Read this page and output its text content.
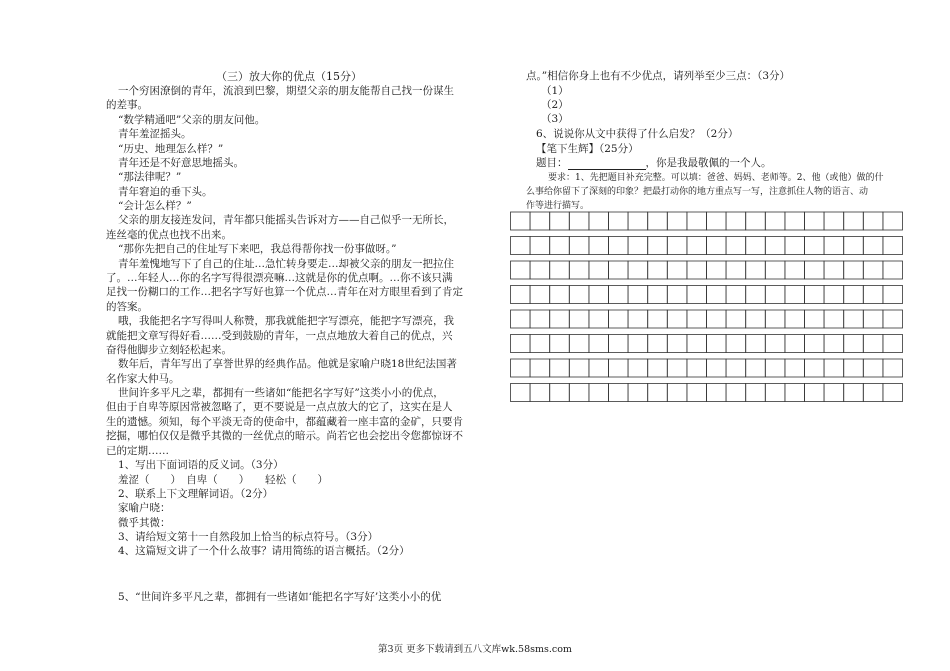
（三）放大你的优点（15分）
一个穷困潦倒的青年，流浪到巴黎，期望父亲的朋友能帮自己找一份谋生
的差事。
“数学精通吧”父亲的朋友问他。
青年羞涩摇头。
“历史、地理怎么样？”
青年还是不好意思地摇头。
“那法律呢？”
青年窘迫的垂下头。
“会计怎么样？”
父亲的朋友接连发问，青年都只能摇头告诉对方——自己似乎一无所长，
连丝毫的优点也找不出来。
“那你先把自己的住址写下来吧，我总得帮你找一份事做呀。”
青年羞愧地写下了自己的住址…急忙转身要走…却被父亲的朋友一把拉住
了。…年轻人…你的名字写得很漂亮嘛…这就是你的优点啊。…你不该只满
足找一份糊口的工作…把名字写好也算一个优点…青年在对方眼里看到了肯定
的答案。
哦，我能把名字写得叫人称赞，那我就能把字写漂亮，能把字写漂亮，我
就能把文章写得好看……受到鼓励的青年，一点点地放大着自己的优点，兴
奋得他脚步立刻轻松起来。
数年后，青年写出了享誉世界的经典作品。他就是家喻户晓18世纪法国著
名作家大仲马。
世间许多平凡之辈，都拥有一些诸如“能把名字写好”这类小小的优点，
但由于自卑等原因常被忽略了，更不要说是一点点放大的它了，这实在是人
生的遗憾。须知，每个平淡无奇的使命中，都蕴藏着一座丰富的金矿，只要肯
挖掘，哪怕仅仅是微乎其微的一丝优点的暗示。尚若它也会挖出令您都惊讶不
已的定期……
1、写出下面词语的反义词。（3分）
羞涩（　　）　自卑（　　）　　轻松（　　）
2、联系上下文理解词语。（2分）
家喻户晓：
微乎其微：
3、请给短文第十一自然段加上恰当的标点符号。（3分）
4、这篇短文讲了一个什么故事？请用简练的语言概括。（2分）
5、“世间许多平凡之辈，都拥有一些诸如‘能把名字写好’这类小小的优
点。”相信你身上也有不少优点，请列举至少三点：（3分）
（1）
（2）
（3）
6、说说你从文中获得了什么启发？（2分）
【笔下生辉】（25分）
题目：	，你是我最敬佩的一个人。
要求：1、先把题目补充完整。可以填：爸爸、妈妈、老师等。2、他（或他）做的什
么事给你留下了深刻的印象？把最打动你的地方重点写一写，注意抓住人物的语言、动
作等进行描写。
第3页 更多下载请到五八文库wk.58sms.com
